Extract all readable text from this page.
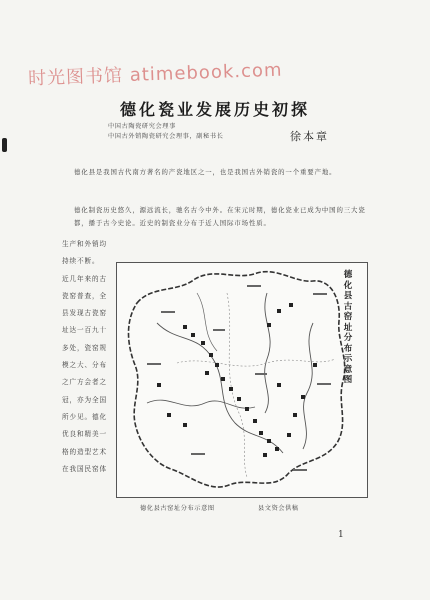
时光图书馆 atimebook.com
德化瓷业发展历史初探
中国古陶瓷研究会理事
中国古外销陶瓷研究会理事，副秘书长	徐本章
德化县是我国古代南方著名的产瓷地区之一，也是我国古外销瓷的一个重要产地。
德化制瓷历史悠久，源远流长，驰名古今中外。在宋元时期，德化瓷业已成为中国的三大瓷都，播于古今史论。近史的制瓷业分布于近人国际市场性质。
生产和外销均
持续不断。
近几年来的古
瓷窑普查，全
县发现古瓷窑
址达一百九十
多处，瓷窑规
模之大、分布
之广方会者之
冠，亦为全国
所少见。德化
优良和精美一
格的造型艺术
在我国民窑体
德化县古窑址分布示意图
德化县古窑址分布示意图	县文资会供稿
1
